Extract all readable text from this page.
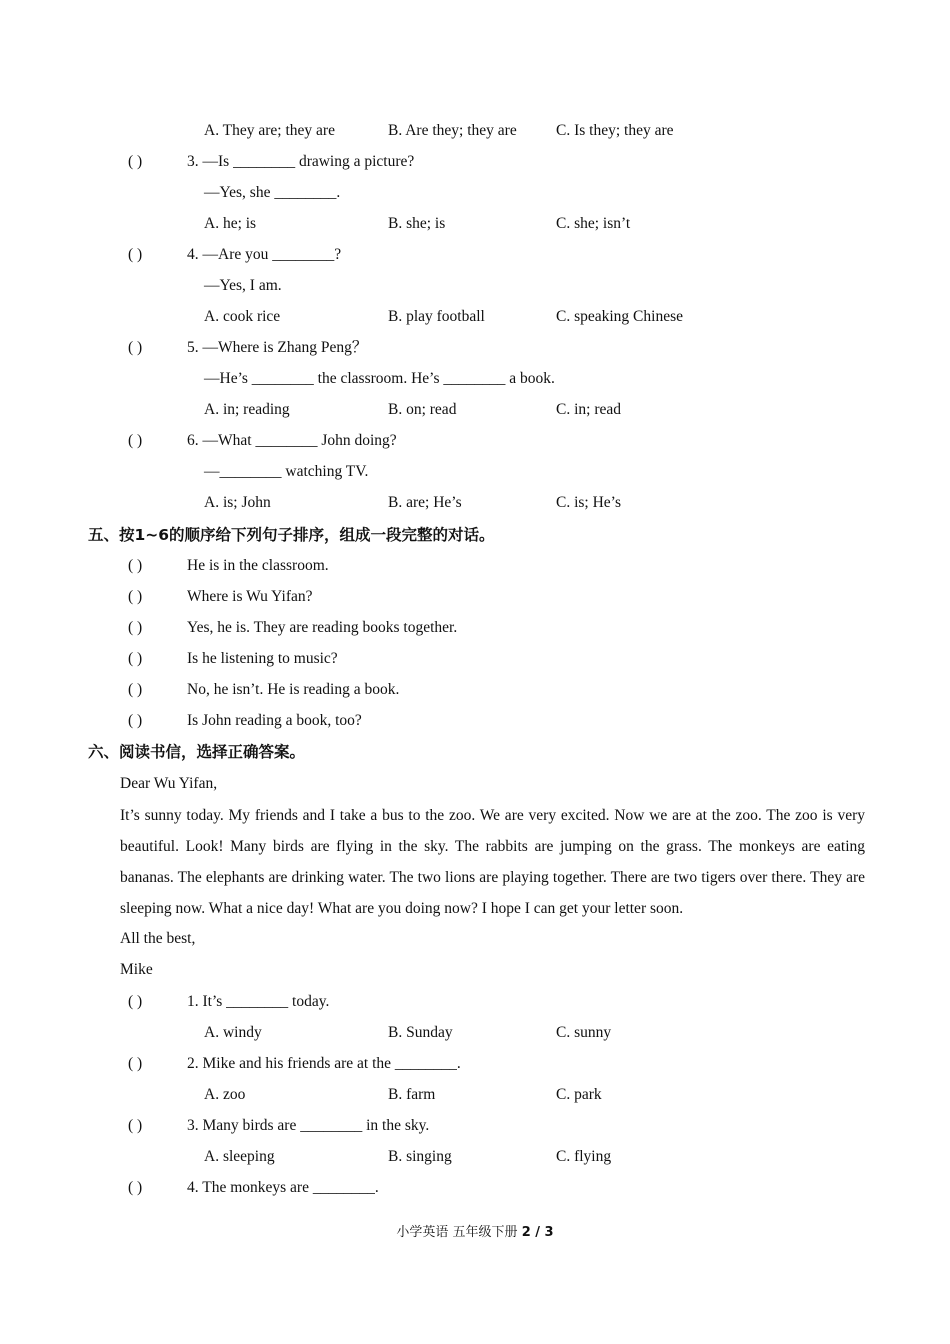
A. They are; they are	B. Are they; they are	C. Is they; they are
( )	3. —Is ________ drawing a picture?
—Yes, she ________.
A. he; is	B. she; is	C. she; isn’t
( )	4. —Are you ________?
—Yes, I am.
A. cook rice	B. play football	C. speaking Chinese
( )	5. —Where is Zhang Peng？
—He’s ________ the classroom. He’s ________ a book.
A. in; reading	B. on; read	C. in; read
( )	6. —What ________ John doing?
—________ watching TV.
A. is; John	B. are; He’s	C. is; He’s
五、按1~6的顺序给下列句子排序，组成一段完整的对话。
( )	He is in the classroom.
( )	Where is Wu Yifan?
( )	Yes, he is. They are reading books together.
( )	Is he listening to music?
( )	No, he isn’t. He is reading a book.
( )	Is John reading a book, too?
六、阅读书信，选择正确答案。
Dear Wu Yifan,
It’s sunny today. My friends and I take a bus to the zoo. We are very excited. Now we are at the zoo. The zoo is very beautiful. Look! Many birds are flying in the sky. The rabbits are jumping on the grass. The monkeys are eating bananas. The elephants are drinking water. The two lions are playing together. There are two tigers over there. They are sleeping now. What a nice day! What are you doing now? I hope I can get your letter soon.
All the best,
Mike
( )	1. It’s ________ today.
A. windy	B. Sunday	C. sunny
( )	2. Mike and his friends are at the ________.
A. zoo	B. farm	C. park
( )	3. Many birds are ________ in the sky.
A. sleeping	B. singing	C. flying
( )	4. The monkeys are ________.
小学英语 五年级下册 2 / 3
